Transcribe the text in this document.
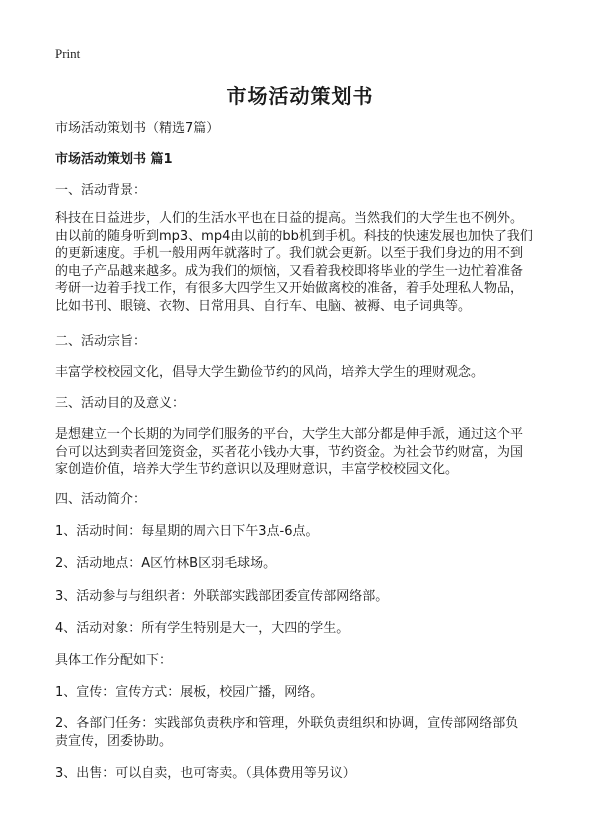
Print
市场活动策划书
市场活动策划书（精选7篇）
市场活动策划书 篇1
一、活动背景：
科技在日益进步，人们的生活水平也在日益的提高。当然我们的大学生也不例外。
由以前的随身听到mp3、mp4由以前的bb机到手机。科技的快速发展也加快了我们
的更新速度。手机一般用两年就落时了。我们就会更新。以至于我们身边的用不到
的电子产品越来越多。成为我们的烦恼，又看着我校即将毕业的学生一边忙着准备
考研一边着手找工作，有很多大四学生又开始做离校的准备，着手处理私人物品，
比如书刊、眼镜、衣物、日常用具、自行车、电脑、被褥、电子词典等。
二、活动宗旨：
丰富学校校园文化，倡导大学生勤俭节约的风尚，培养大学生的理财观念。
三、活动目的及意义：
是想建立一个长期的为同学们服务的平台，大学生大部分都是伸手派，通过这个平
台可以达到卖者回笼资金，买者花小钱办大事，节约资金。为社会节约财富，为国
家创造价值，培养大学生节约意识以及理财意识，丰富学校校园文化。
四、活动简介：
1、活动时间：每星期的周六日下午3点-6点。
2、活动地点：A区竹林B区羽毛球场。
3、活动参与与组织者：外联部实践部团委宣传部网络部。
4、活动对象：所有学生特别是大一，大四的学生。
具体工作分配如下：
1、宣传：宣传方式：展板，校园广播，网络。
2、各部门任务：实践部负责秩序和管理，外联负责组织和协调，宣传部网络部负
责宣传，团委协助。
3、出售：可以自卖，也可寄卖。（具体费用等另议）
